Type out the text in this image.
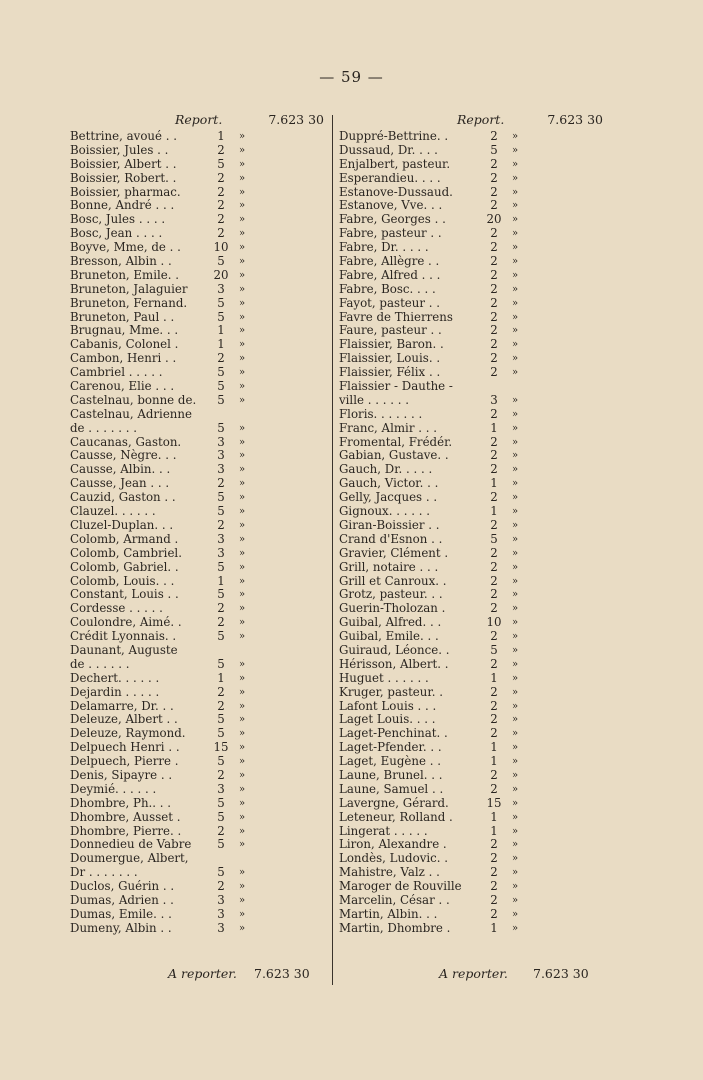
— 59 —
Report.	7.623 30
Bettrine, avoué . .	1	»
Boissier, Jules . .	2	»
Boissier, Albert . .	5	»
Boissier, Robert. .	2	»
Boissier, pharmac.	2	»
Bonne, André . . .	2	»
Bosc, Jules . . . .	2	»
Bosc, Jean . . . .	2	»
Boyve, Mme, de . .	10	»
Bresson, Albin . .	5	»
Bruneton, Emile. .	20	»
Bruneton, Jalaguier	3	»
Bruneton, Fernand.	5	»
Bruneton, Paul . .	5	»
Brugnau, Mme. . .	1	»
Cabanis, Colonel .	1	»
Cambon, Henri . .	2	»
Cambriel . . . . .	5	»
Carenou, Elie . . .	5	»
Castelnau, bonne de.	5	»
Castelnau, Adrienne
de . . . . . . .	5	»
Caucanas, Gaston.	3	»
Causse, Nègre. . .	3	»
Causse, Albin. . .	3	»
Causse, Jean . . .	2	»
Cauzid, Gaston . .	5	»
Clauzel. . . . . .	5	»
Cluzel-Duplan. . .	2	»
Colomb, Armand .	3	»
Colomb, Cambriel.	3	»
Colomb, Gabriel. .	5	»
Colomb, Louis. . .	1	»
Constant, Louis . .	5	»
Cordesse . . . . .	2	»
Coulondre, Aimé. .	2	»
Crédit Lyonnais. .	5	»
Daunant, Auguste
de . . . . . .	5	»
Dechert. . . . . .	1	»
Dejardin . . . . .	2	»
Delamarre, Dr. . .	2	»
Deleuze, Albert . .	5	»
Deleuze, Raymond.	5	»
Delpuech Henri . .	15	»
Delpuech, Pierre .	5	»
Denis, Sipayre . .	2	»
Deymié. . . . . .	3	»
Dhombre, Ph.. . .	5	»
Dhombre, Ausset .	5	»
Dhombre, Pierre. .	2	»
Donnedieu de Vabre	5	»
Doumergue, Albert,
Dr . . . . . . .	5	»
Duclos, Guérin . .	2	»
Dumas, Adrien . .	3	»
Dumas, Emile. . .	3	»
Dumeny, Albin . .	3	»
Report.	7.623 30
Duppré-Bettrine. .	2	»
Dussaud, Dr. . . .	5	»
Enjalbert, pasteur.	2	»
Esperandieu. . . .	2	»
Estanove-Dussaud.	2	»
Estanove, Vve. . .	2	»
Fabre, Georges . .	20	»
Fabre, pasteur . .	2	»
Fabre, Dr. . . . .	2	»
Fabre, Allègre . .	2	»
Fabre, Alfred . . .	2	»
Fabre, Bosc. . . .	2	»
Fayot, pasteur . .	2	»
Favre de Thierrens	2	»
Faure, pasteur . .	2	»
Flaissier, Baron. .	2	»
Flaissier, Louis. .	2	»
Flaissier, Félix . .	2	»
Flaissier - Dauthe -
ville . . . . . .	3	»
Floris. . . . . . .	2	»
Franc, Almir . . .	1	»
Fromental, Frédér.	2	»
Gabian, Gustave. .	2	»
Gauch, Dr. . . . .	2	»
Gauch, Victor. . .	1	»
Gelly, Jacques . .	2	»
Gignoux. . . . . .	1	»
Giran-Boissier . .	2	»
Crand d'Esnon . .	5	»
Gravier, Clément .	2	»
Grill, notaire . . .	2	»
Grill et Canroux. .	2	»
Grotz, pasteur. . .	2	»
Guerin-Tholozan .	2	»
Guibal, Alfred. . .	10	»
Guibal, Emile. . .	2	»
Guiraud, Léonce. .	5	»
Hérisson, Albert. .	2	»
Huguet . . . . . .	1	»
Kruger, pasteur. .	2	»
Lafont Louis . . .	2	»
Laget Louis. . . .	2	»
Laget-Penchinat. .	2	»
Laget-Pfender. . .	1	»
Laget, Eugène . .	1	»
Laune, Brunel. . .	2	»
Laune, Samuel . .	2	»
Lavergne, Gérard.	15	»
Leteneur, Rolland .	1	»
Lingerat . . . . .	1	»
Liron, Alexandre .	2	»
Londès, Ludovic. .	2	»
Mahistre, Valz . .	2	»
Maroger de Rouville	2	»
Marcelin, César . .	2	»
Martin, Albin. . .	2	»
Martin, Dhombre .	1	»
A reporter. 7.623 30	A reporter. 7.623 30
